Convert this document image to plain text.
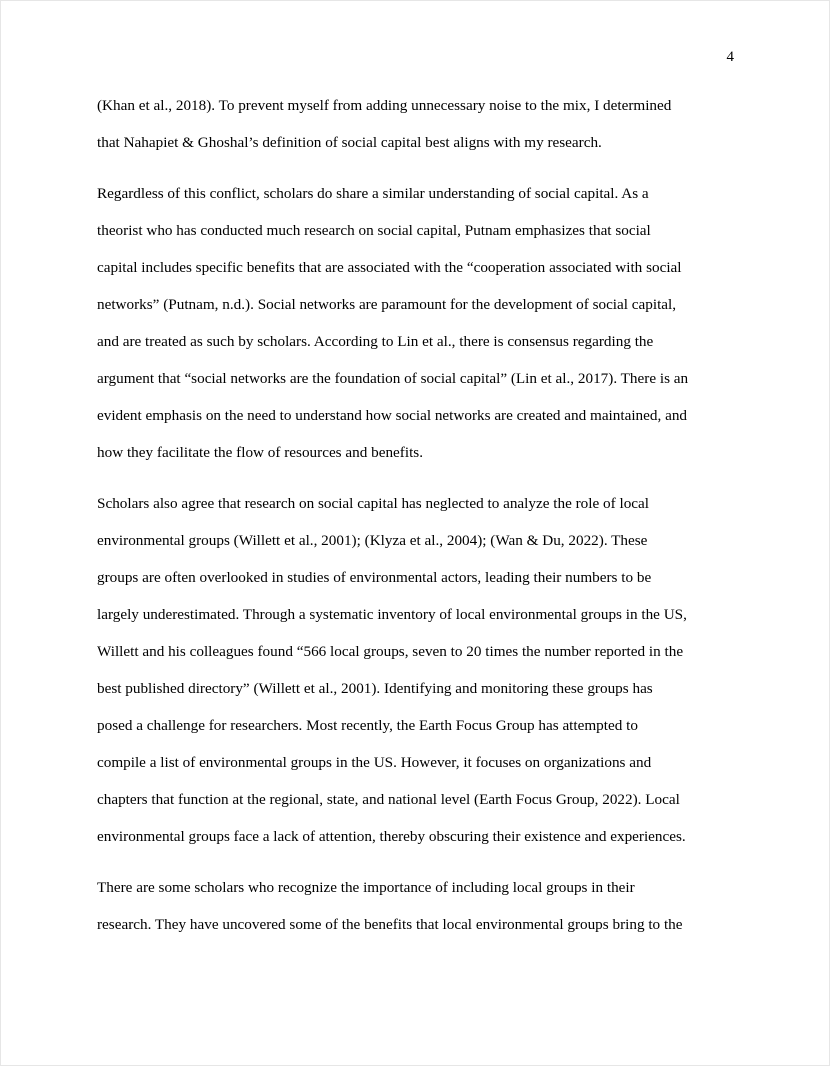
4
(Khan et al., 2018). To prevent myself from adding unnecessary noise to the mix, I determined
that Nahapiet & Ghoshal’s definition of social capital best aligns with my research.
Regardless of this conflict, scholars do share a similar understanding of social capital. As a
theorist who has conducted much research on social capital, Putnam emphasizes that social
capital includes specific benefits that are associated with the “cooperation associated with social
networks” (Putnam, n.d.). Social networks are paramount for the development of social capital,
and are treated as such by scholars. According to Lin et al., there is consensus regarding the
argument that “social networks are the foundation of social capital” (Lin et al., 2017). There is an
evident emphasis on the need to understand how social networks are created and maintained, and
how they facilitate the flow of resources and benefits.
Scholars also agree that research on social capital has neglected to analyze the role of local
environmental groups (Willett et al., 2001); (Klyza et al., 2004); (Wan & Du, 2022). These
groups are often overlooked in studies of environmental actors, leading their numbers to be
largely underestimated. Through a systematic inventory of local environmental groups in the US,
Willett and his colleagues found “566 local groups, seven to 20 times the number reported in the
best published directory” (Willett et al., 2001). Identifying and monitoring these groups has
posed a challenge for researchers. Most recently, the Earth Focus Group has attempted to
compile a list of environmental groups in the US. However, it focuses on organizations and
chapters that function at the regional, state, and national level (Earth Focus Group, 2022). Local
environmental groups face a lack of attention, thereby obscuring their existence and experiences.
There are some scholars who recognize the importance of including local groups in their
research. They have uncovered some of the benefits that local environmental groups bring to the
